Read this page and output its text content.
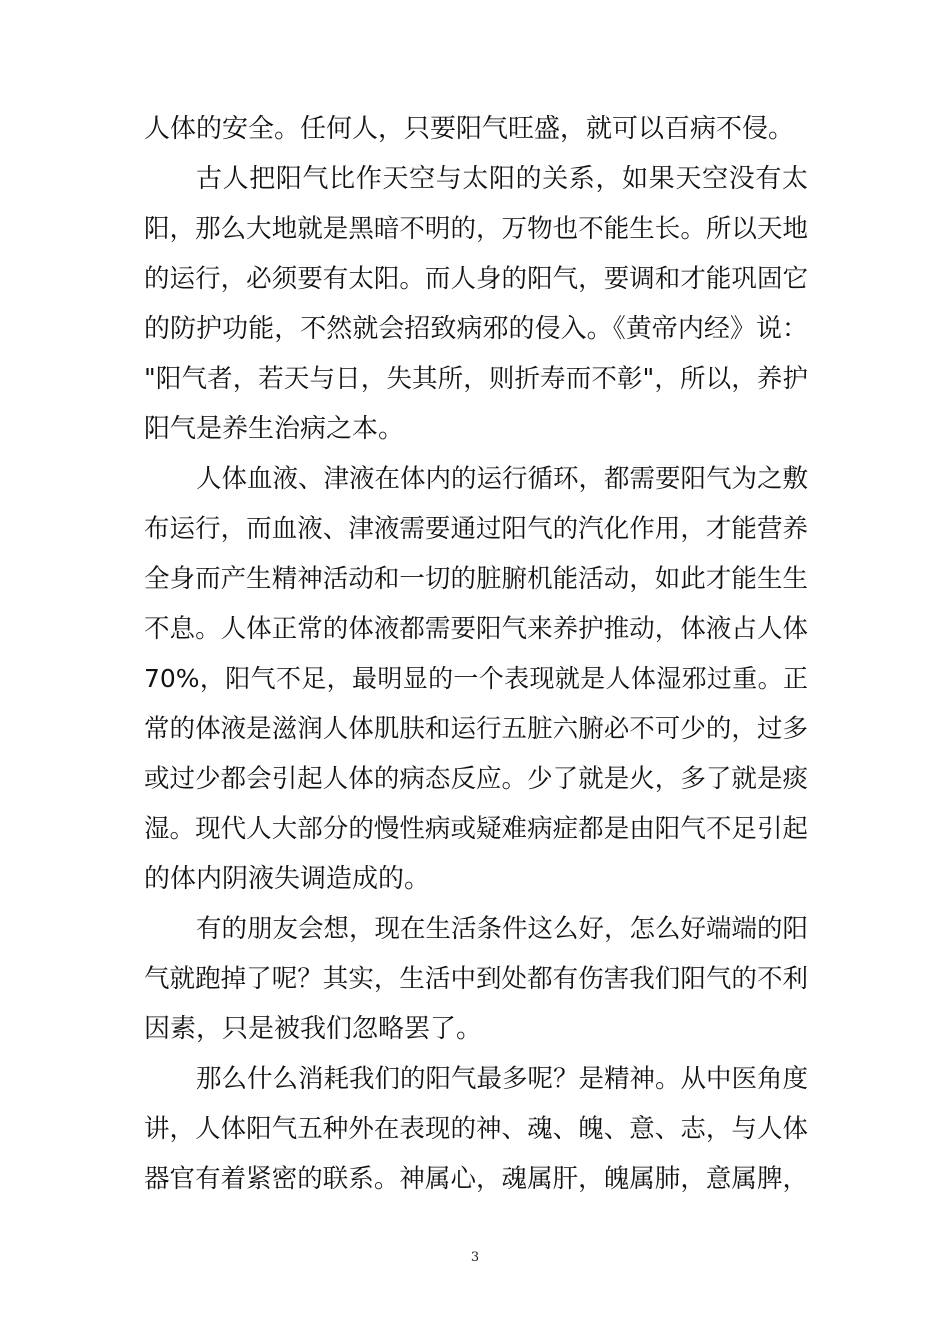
人体的安全。任何人，只要阳气旺盛，就可以百病不侵。
古人把阳气比作天空与太阳的关系，如果天空没有太
阳，那么大地就是黑暗不明的，万物也不能生长。所以天地
的运行，必须要有太阳。而人身的阳气，要调和才能巩固它
的防护功能，不然就会招致病邪的侵入。《黄帝内经》说：
"阳气者，若天与日，失其所，则折寿而不彰"，所以，养护
阳气是养生治病之本。
人体血液、津液在体内的运行循环，都需要阳气为之敷
布运行，而血液、津液需要通过阳气的汽化作用，才能营养
全身而产生精神活动和一切的脏腑机能活动，如此才能生生
不息。人体正常的体液都需要阳气来养护推动，体液占人体
70%，阳气不足，最明显的一个表现就是人体湿邪过重。正
常的体液是滋润人体肌肤和运行五脏六腑必不可少的，过多
或过少都会引起人体的病态反应。少了就是火，多了就是痰
湿。现代人大部分的慢性病或疑难病症都是由阳气不足引起
的体内阴液失调造成的。
有的朋友会想，现在生活条件这么好，怎么好端端的阳
气就跑掉了呢？其实，生活中到处都有伤害我们阳气的不利
因素，只是被我们忽略罢了。
那么什么消耗我们的阳气最多呢？是精神。从中医角度
讲，人体阳气五种外在表现的神、魂、魄、意、志，与人体
器官有着紧密的联系。神属心，魂属肝，魄属肺，意属脾，
3
